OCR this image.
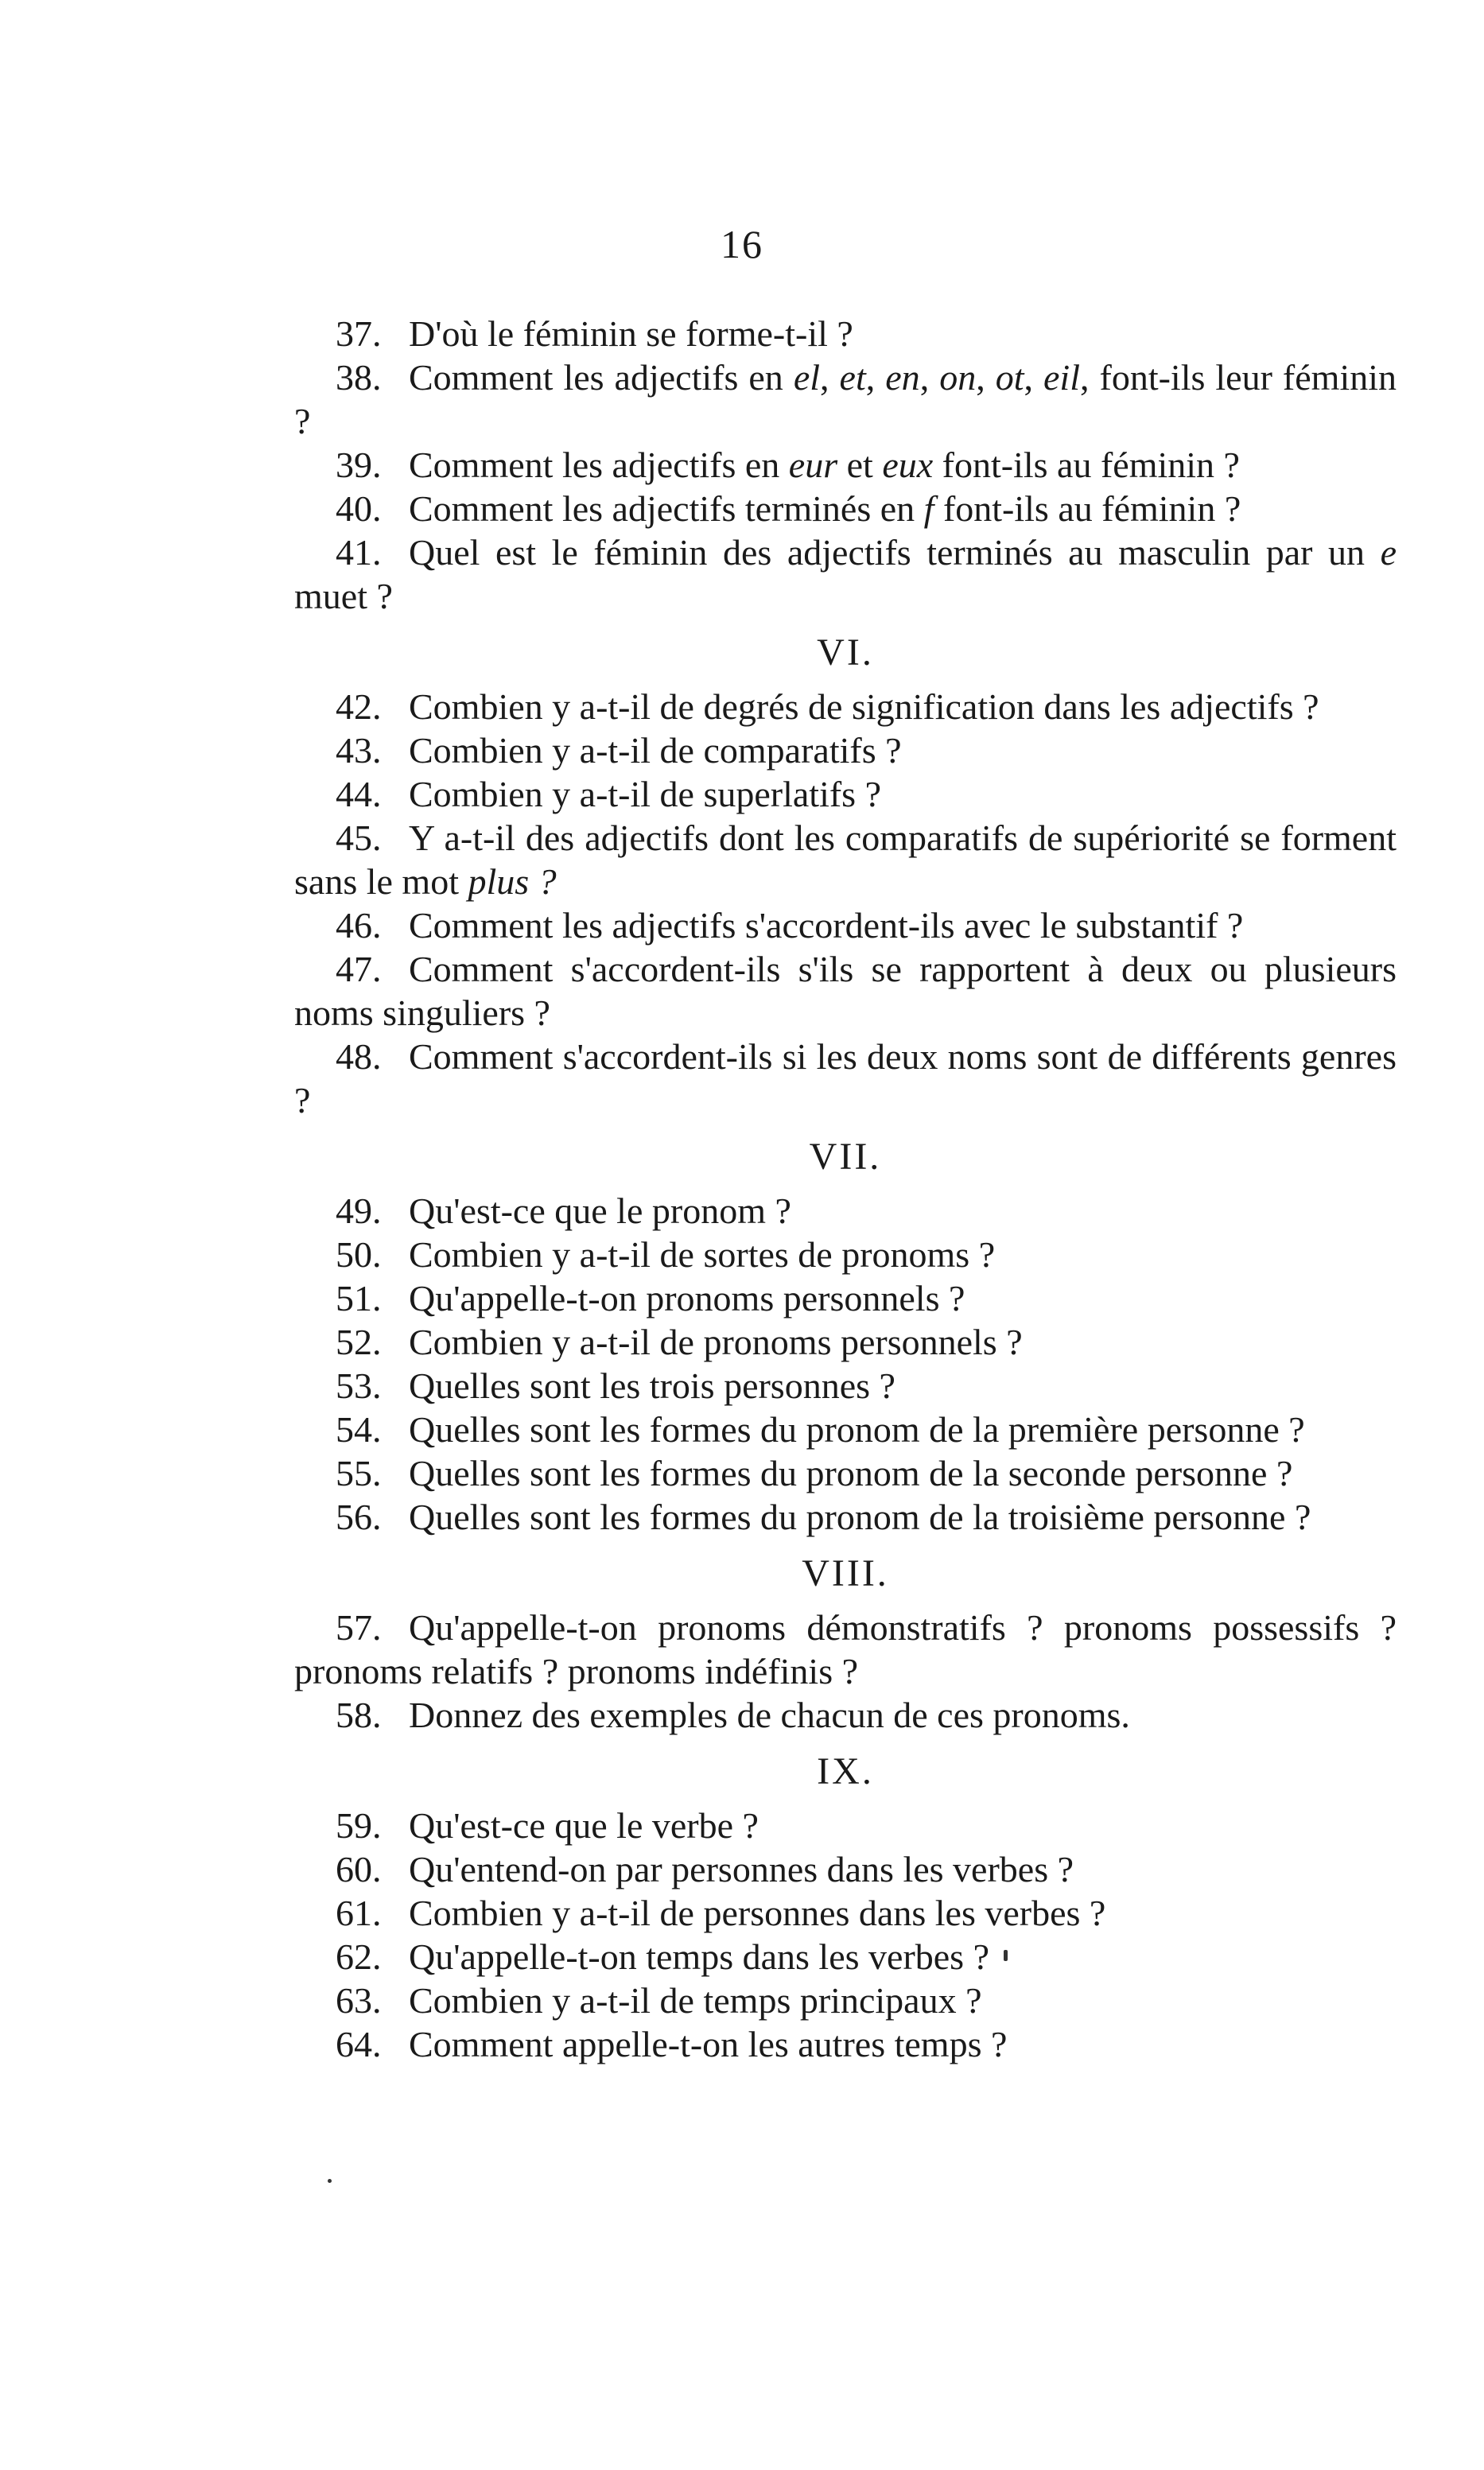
16

37. D'où le féminin se forme-t-il ?

38. Comment les adjectifs en el, et, en, on, ot, eil, font-ils leur féminin ?

39. Comment les adjectifs en eur et eux font-ils au féminin ?

40. Comment les adjectifs terminés en f font-ils au féminin ?

41. Quel est le féminin des adjectifs terminés au masculin par un e muet ?

VI.

42. Combien y a-t-il de degrés de signification dans les adjectifs ?

43. Combien y a-t-il de comparatifs ?

44. Combien y a-t-il de superlatifs ?

45. Y a-t-il des adjectifs dont les comparatifs de supériorité se forment sans le mot plus ?

46. Comment les adjectifs s'accordent-ils avec le substantif ?

47. Comment s'accordent-ils s'ils se rapportent à deux ou plusieurs noms singuliers ?

48. Comment s'accordent-ils si les deux noms sont de différents genres ?

VII.

49. Qu'est-ce que le pronom ?

50. Combien y a-t-il de sortes de pronoms ?

51. Qu'appelle-t-on pronoms personnels ?

52. Combien y a-t-il de pronoms personnels ?

53. Quelles sont les trois personnes ?

54. Quelles sont les formes du pronom de la première personne ?

55. Quelles sont les formes du pronom de la seconde personne ?

56. Quelles sont les formes du pronom de la troisième personne ?

VIII.

57. Qu'appelle-t-on pronoms démonstratifs ? pronoms possessifs ? pronoms relatifs ? pronoms indéfinis ?

58. Donnez des exemples de chacun de ces pronoms.

IX.

59. Qu'est-ce que le verbe ?

60. Qu'entend-on par personnes dans les verbes ?

61. Combien y a-t-il de personnes dans les verbes ?

62. Qu'appelle-t-on temps dans les verbes ?

63. Combien y a-t-il de temps principaux ?

64. Comment appelle-t-on les autres temps ?
